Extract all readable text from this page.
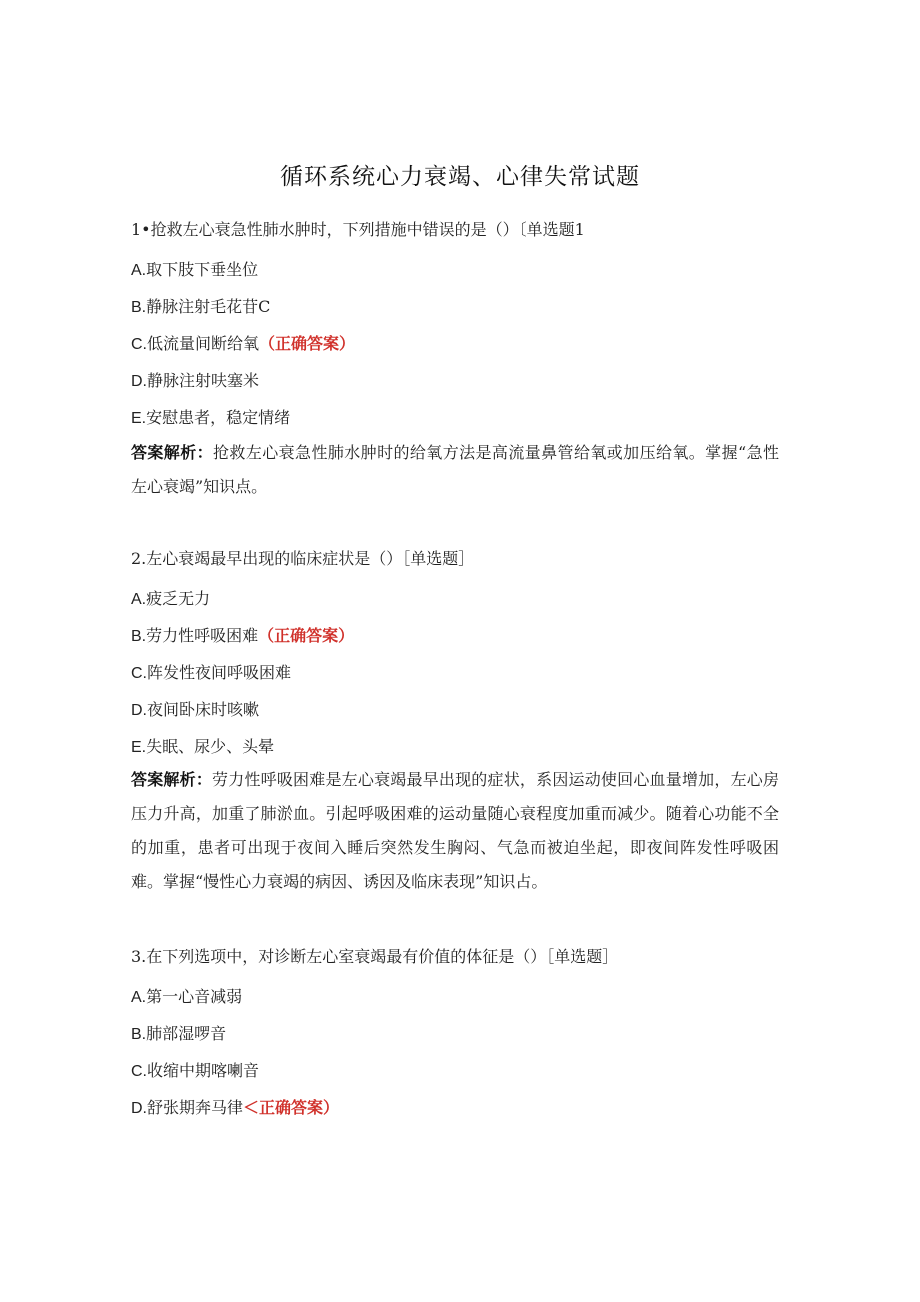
循环系统心力衰竭、心律失常试题
1•抢救左心衰急性肺水肿时，下列措施中错误的是（）〔单选题1
A.取下肢下垂坐位
B.静脉注射毛花苷C
C.低流量间断给氧（正确答案）
D.静脉注射呋塞米
E.安慰患者，稳定情绪
答案解析：抢救左心衰急性肺水肿时的给氧方法是高流量鼻管给氧或加压给氧。掌握“急性左心衰竭”知识点。
2.左心衰竭最早出现的临床症状是（）［单选题］
A.疲乏无力
B.劳力性呼吸困难（正确答案）
C.阵发性夜间呼吸困难
D.夜间卧床时咳嗽
E.失眠、尿少、头晕
答案解析：劳力性呼吸困难是左心衰竭最早出现的症状，系因运动使回心血量增加，左心房压力升高，加重了肺淤血。引起呼吸困难的运动量随心衰程度加重而减少。随着心功能不全的加重，患者可出现于夜间入睡后突然发生胸闷、气急而被迫坐起，即夜间阵发性呼吸困难。掌握“慢性心力衰竭的病因、诱因及临床表现”知识占。
3.在下列选项中，对诊断左心室衰竭最有价值的体征是（）［单选题］
A.第一心音减弱
B.肺部湿啰音
C.收缩中期喀喇音
D.舒张期奔马律＜正确答案）
